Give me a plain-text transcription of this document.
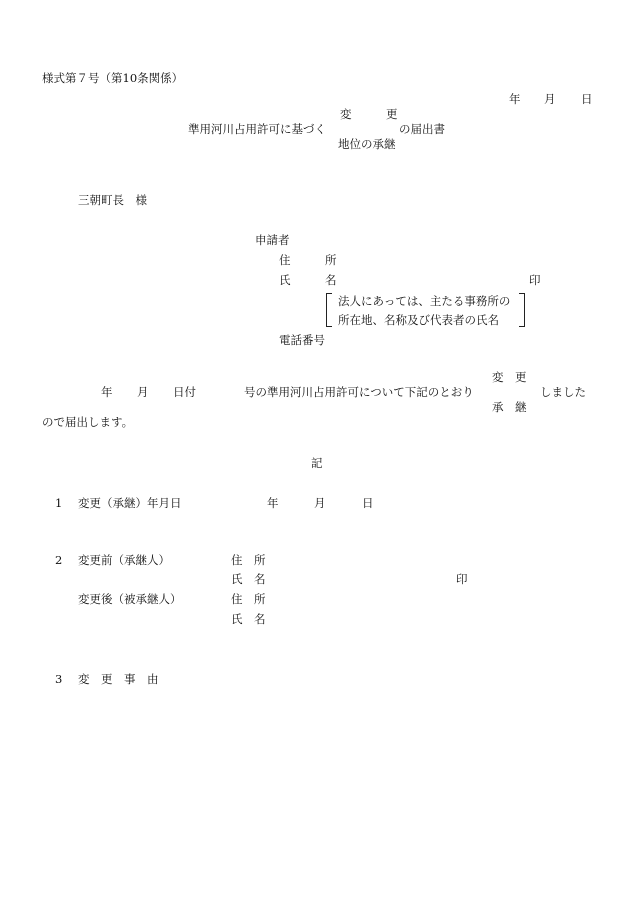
様式第７号（第10条関係）
年 月 日
変　　　更
準用河川占用許可に基づく	の届出書
地位の承継
三朝町長　様
申請者
住　　　所
氏　　　名	印
法人にあっては、主たる事務所の
所在地、名称及び代表者の氏名
電話番号
変　更
年 月 日付	号の準用河川占用許可について下記のとおり	しました
承　継
ので届出します。
記
1 変更（承継）年月日	年	月	日
2 変更前（承継人）	住　所
氏　名	印
変更後（被承継人）	住　所
氏　名
3 変　更　事　由
